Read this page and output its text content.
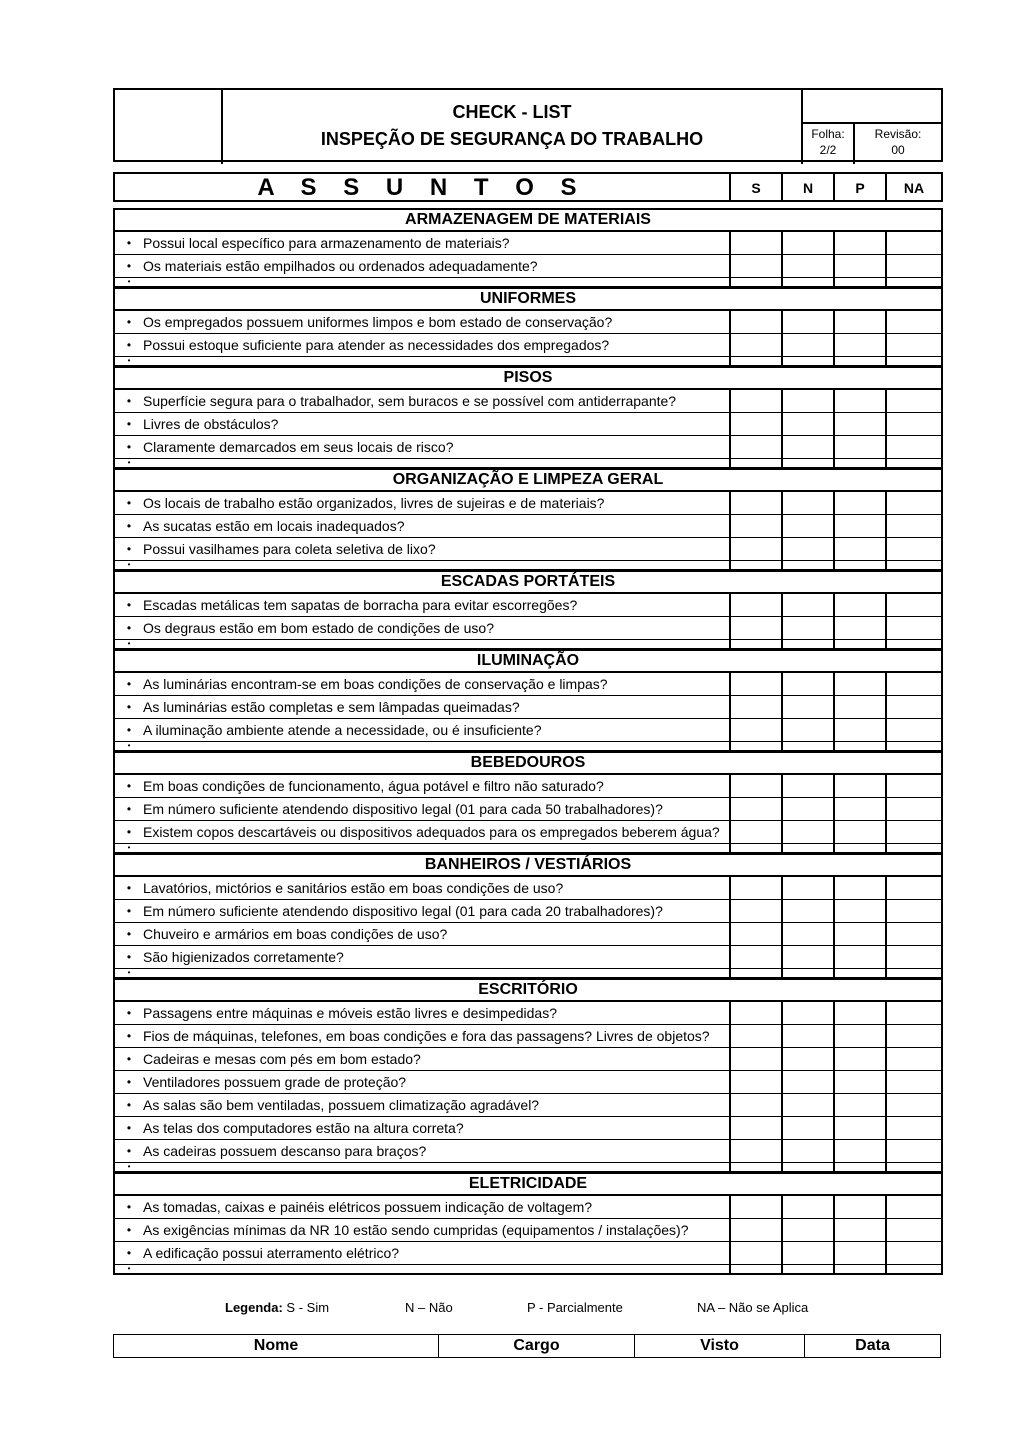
CHECK - LIST
INSPEÇÃO DE SEGURANÇA DO TRABALHO	Folha:
2/2
Revisão:
00
A S S U N T O S	S	N	P	NA
ARMAZENAGEM DE MATERIAIS
• Possui local específico para armazenamento de materiais?
• Os materiais estão empilhados ou ordenados adequadamente?
•
UNIFORMES
• Os empregados possuem uniformes limpos e bom estado de conservação?
• Possui estoque suficiente para atender as necessidades dos empregados?
•
PISOS
• Superfície segura para o trabalhador, sem buracos e se possível com antiderrapante?
• Livres de obstáculos?
• Claramente demarcados em seus locais de risco?
•
ORGANIZAÇÃO E LIMPEZA GERAL
• Os locais de trabalho estão organizados, livres de sujeiras e de materiais?
• As sucatas estão em locais inadequados?
• Possui vasilhames para coleta seletiva de lixo?
•
ESCADAS PORTÁTEIS
• Escadas metálicas tem sapatas de borracha para evitar escorregões?
• Os degraus estão em bom estado de condições de uso?
•
ILUMINAÇÃO
• As luminárias encontram-se em boas condições de conservação e limpas?
• As luminárias estão completas e sem lâmpadas queimadas?
• A iluminação ambiente atende a necessidade, ou é insuficiente?
•
BEBEDOUROS
• Em boas condições de funcionamento, água potável e filtro não saturado?
• Em número suficiente atendendo dispositivo legal (01 para cada 50 trabalhadores)?
• Existem copos descartáveis ou dispositivos adequados para os empregados beberem água?
•
BANHEIROS / VESTIÁRIOS
• Lavatórios, mictórios e sanitários estão em boas condições de uso?
• Em número suficiente atendendo dispositivo legal (01 para cada 20 trabalhadores)?
• Chuveiro e armários em boas condições de uso?
• São higienizados corretamente?
•
ESCRITÓRIO
• Passagens entre máquinas e móveis estão livres e desimpedidas?
• Fios de máquinas, telefones, em boas condições e fora das passagens? Livres de objetos?
• Cadeiras e mesas com pés em bom estado?
• Ventiladores possuem grade de proteção?
• As salas são bem ventiladas, possuem climatização agradável?
• As telas dos computadores estão na altura correta?
• As cadeiras possuem descanso para braços?
•
ELETRICIDADE
• As tomadas, caixas e painéis elétricos possuem indicação de voltagem?
• As exigências mínimas da NR 10 estão sendo cumpridas (equipamentos / instalações)?
• A edificação possui aterramento elétrico?
•
Legenda: S - Sim	N – Não	P - Parcialmente	NA – Não se Aplica
Nome	Cargo	Visto	Data
